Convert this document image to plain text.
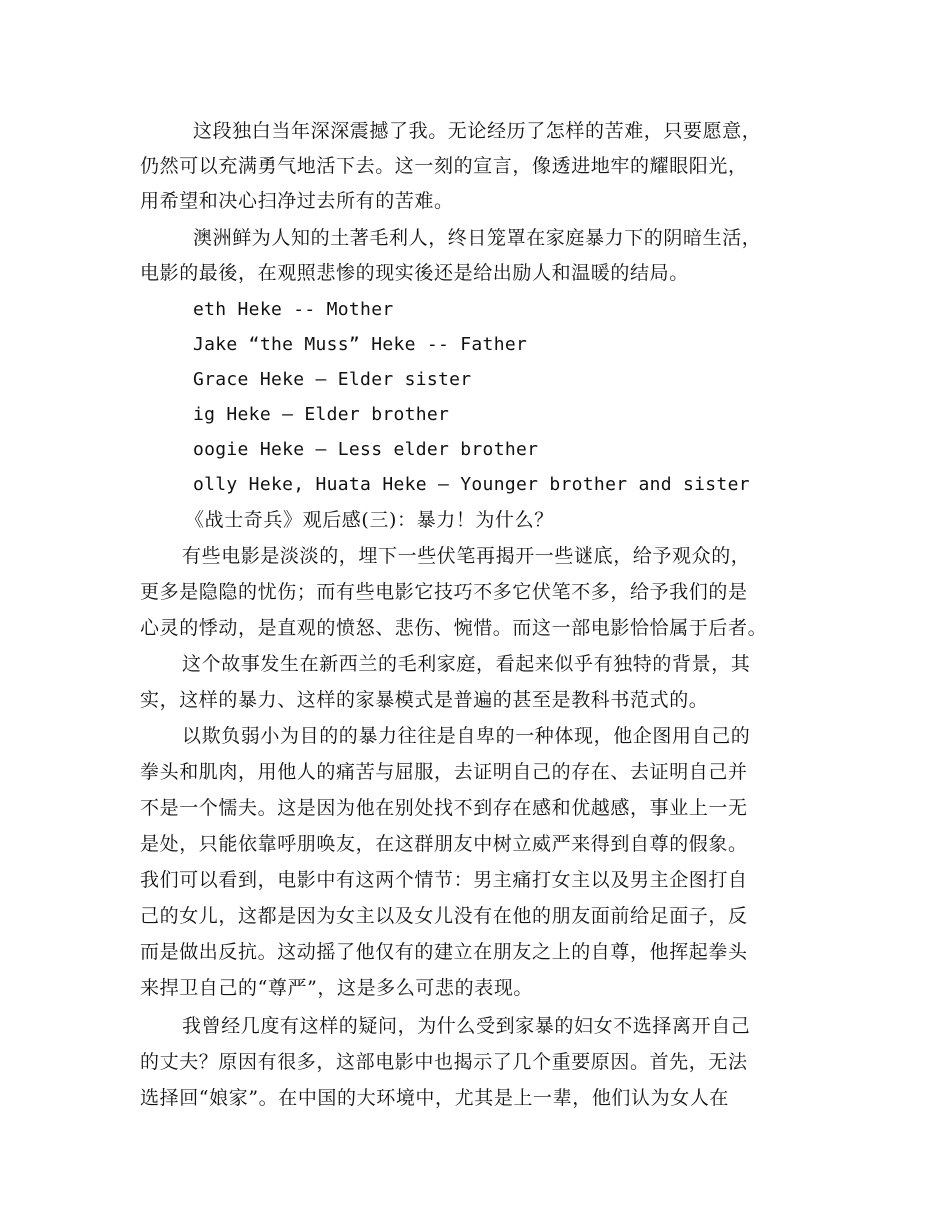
这段独白当年深深震撼了我。无论经历了怎样的苦难，只要愿意，
仍然可以充满勇气地活下去。这一刻的宣言，像透进地牢的耀眼阳光，
用希望和决心扫净过去所有的苦难。
澳洲鲜为人知的土著毛利人，终日笼罩在家庭暴力下的阴暗生活，
电影的最後，在观照悲惨的现实後还是给出励人和温暖的结局。
eth Heke -- Mother
Jake “the Muss” Heke -- Father
Grace Heke – Elder sister
ig Heke – Elder brother
oogie Heke – Less elder brother
olly Heke, Huata Heke – Younger brother and sister
《战士奇兵》观后感(三)：暴力！为什么？
有些电影是淡淡的，埋下一些伏笔再揭开一些谜底，给予观众的，
更多是隐隐的忧伤；而有些电影它技巧不多它伏笔不多，给予我们的是
心灵的悸动，是直观的愤怒、悲伤、惋惜。而这一部电影恰恰属于后者。
这个故事发生在新西兰的毛利家庭，看起来似乎有独特的背景，其
实，这样的暴力、这样的家暴模式是普遍的甚至是教科书范式的。
以欺负弱小为目的的暴力往往是自卑的一种体现，他企图用自己的
拳头和肌肉，用他人的痛苦与屈服，去证明自己的存在、去证明自己并
不是一个懦夫。这是因为他在别处找不到存在感和优越感，事业上一无
是处，只能依靠呼朋唤友，在这群朋友中树立威严来得到自尊的假象。
我们可以看到，电影中有这两个情节：男主痛打女主以及男主企图打自
己的女儿，这都是因为女主以及女儿没有在他的朋友面前给足面子，反
而是做出反抗。这动摇了他仅有的建立在朋友之上的自尊，他挥起拳头
来捍卫自己的“尊严”，这是多么可悲的表现。
我曾经几度有这样的疑问，为什么受到家暴的妇女不选择离开自己
的丈夫？原因有很多，这部电影中也揭示了几个重要原因。首先，无法
选择回“娘家”。在中国的大环境中，尤其是上一辈，他们认为女人在
